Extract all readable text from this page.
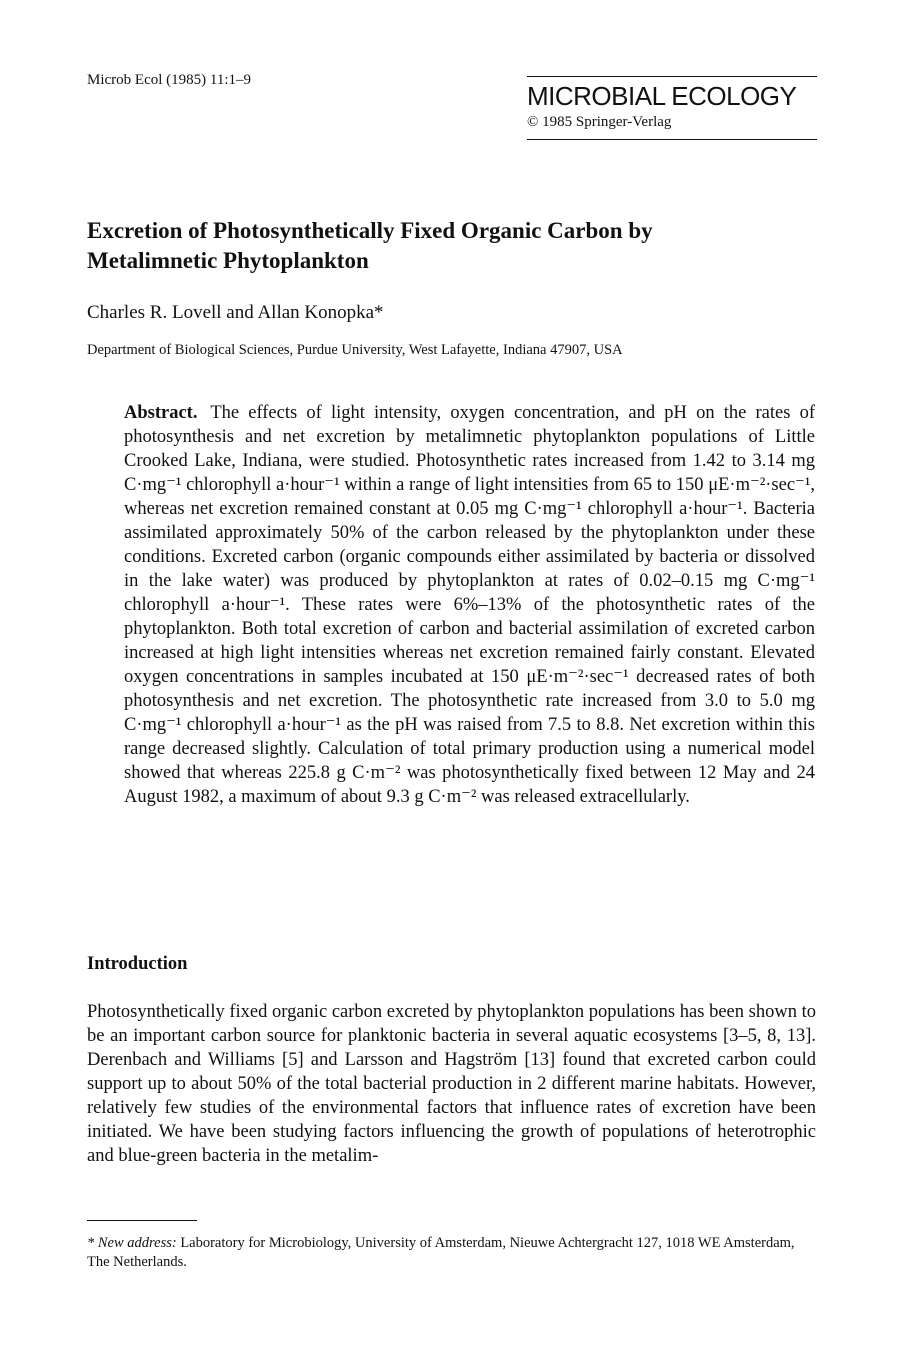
Microb Ecol (1985) 11:1–9
MICROBIAL ECOLOGY
© 1985 Springer-Verlag
Excretion of Photosynthetically Fixed Organic Carbon by
Metalimnetic Phytoplankton
Charles R. Lovell and Allan Konopka*
Department of Biological Sciences, Purdue University, West Lafayette, Indiana 47907, USA
Abstract. The effects of light intensity, oxygen concentration, and pH on the rates of photosynthesis and net excretion by metalimnetic phytoplankton populations of Little Crooked Lake, Indiana, were studied. Photosynthetic rates increased from 1.42 to 3.14 mg C·mg⁻¹ chlorophyll a·hour⁻¹ within a range of light intensities from 65 to 150 μE·m⁻²·sec⁻¹, whereas net excretion remained constant at 0.05 mg C·mg⁻¹ chlorophyll a·hour⁻¹. Bacteria assimilated approximately 50% of the carbon released by the phytoplankton under these conditions. Excreted carbon (organic compounds either assimilated by bacteria or dissolved in the lake water) was produced by phytoplankton at rates of 0.02–0.15 mg C·mg⁻¹ chlorophyll a·hour⁻¹. These rates were 6%–13% of the photosynthetic rates of the phytoplankton. Both total excretion of carbon and bacterial assimilation of excreted carbon increased at high light intensities whereas net excretion remained fairly constant. Elevated oxygen concentrations in samples incubated at 150 μE·m⁻²·sec⁻¹ decreased rates of both photosynthesis and net excretion. The photosynthetic rate increased from 3.0 to 5.0 mg C·mg⁻¹ chlorophyll a·hour⁻¹ as the pH was raised from 7.5 to 8.8. Net excretion within this range decreased slightly. Calculation of total primary production using a numerical model showed that whereas 225.8 g C·m⁻² was photosynthetically fixed between 12 May and 24 August 1982, a maximum of about 9.3 g C·m⁻² was released extracellularly.
Introduction
Photosynthetically fixed organic carbon excreted by phytoplankton populations has been shown to be an important carbon source for planktonic bacteria in several aquatic ecosystems [3–5, 8, 13]. Derenbach and Williams [5] and Larsson and Hagström [13] found that excreted carbon could support up to about 50% of the total bacterial production in 2 different marine habitats. However, relatively few studies of the environmental factors that influence rates of excretion have been initiated. We have been studying factors influencing the growth of populations of heterotrophic and blue-green bacteria in the metalim-
* New address: Laboratory for Microbiology, University of Amsterdam, Nieuwe Achtergracht 127, 1018 WE Amsterdam, The Netherlands.
